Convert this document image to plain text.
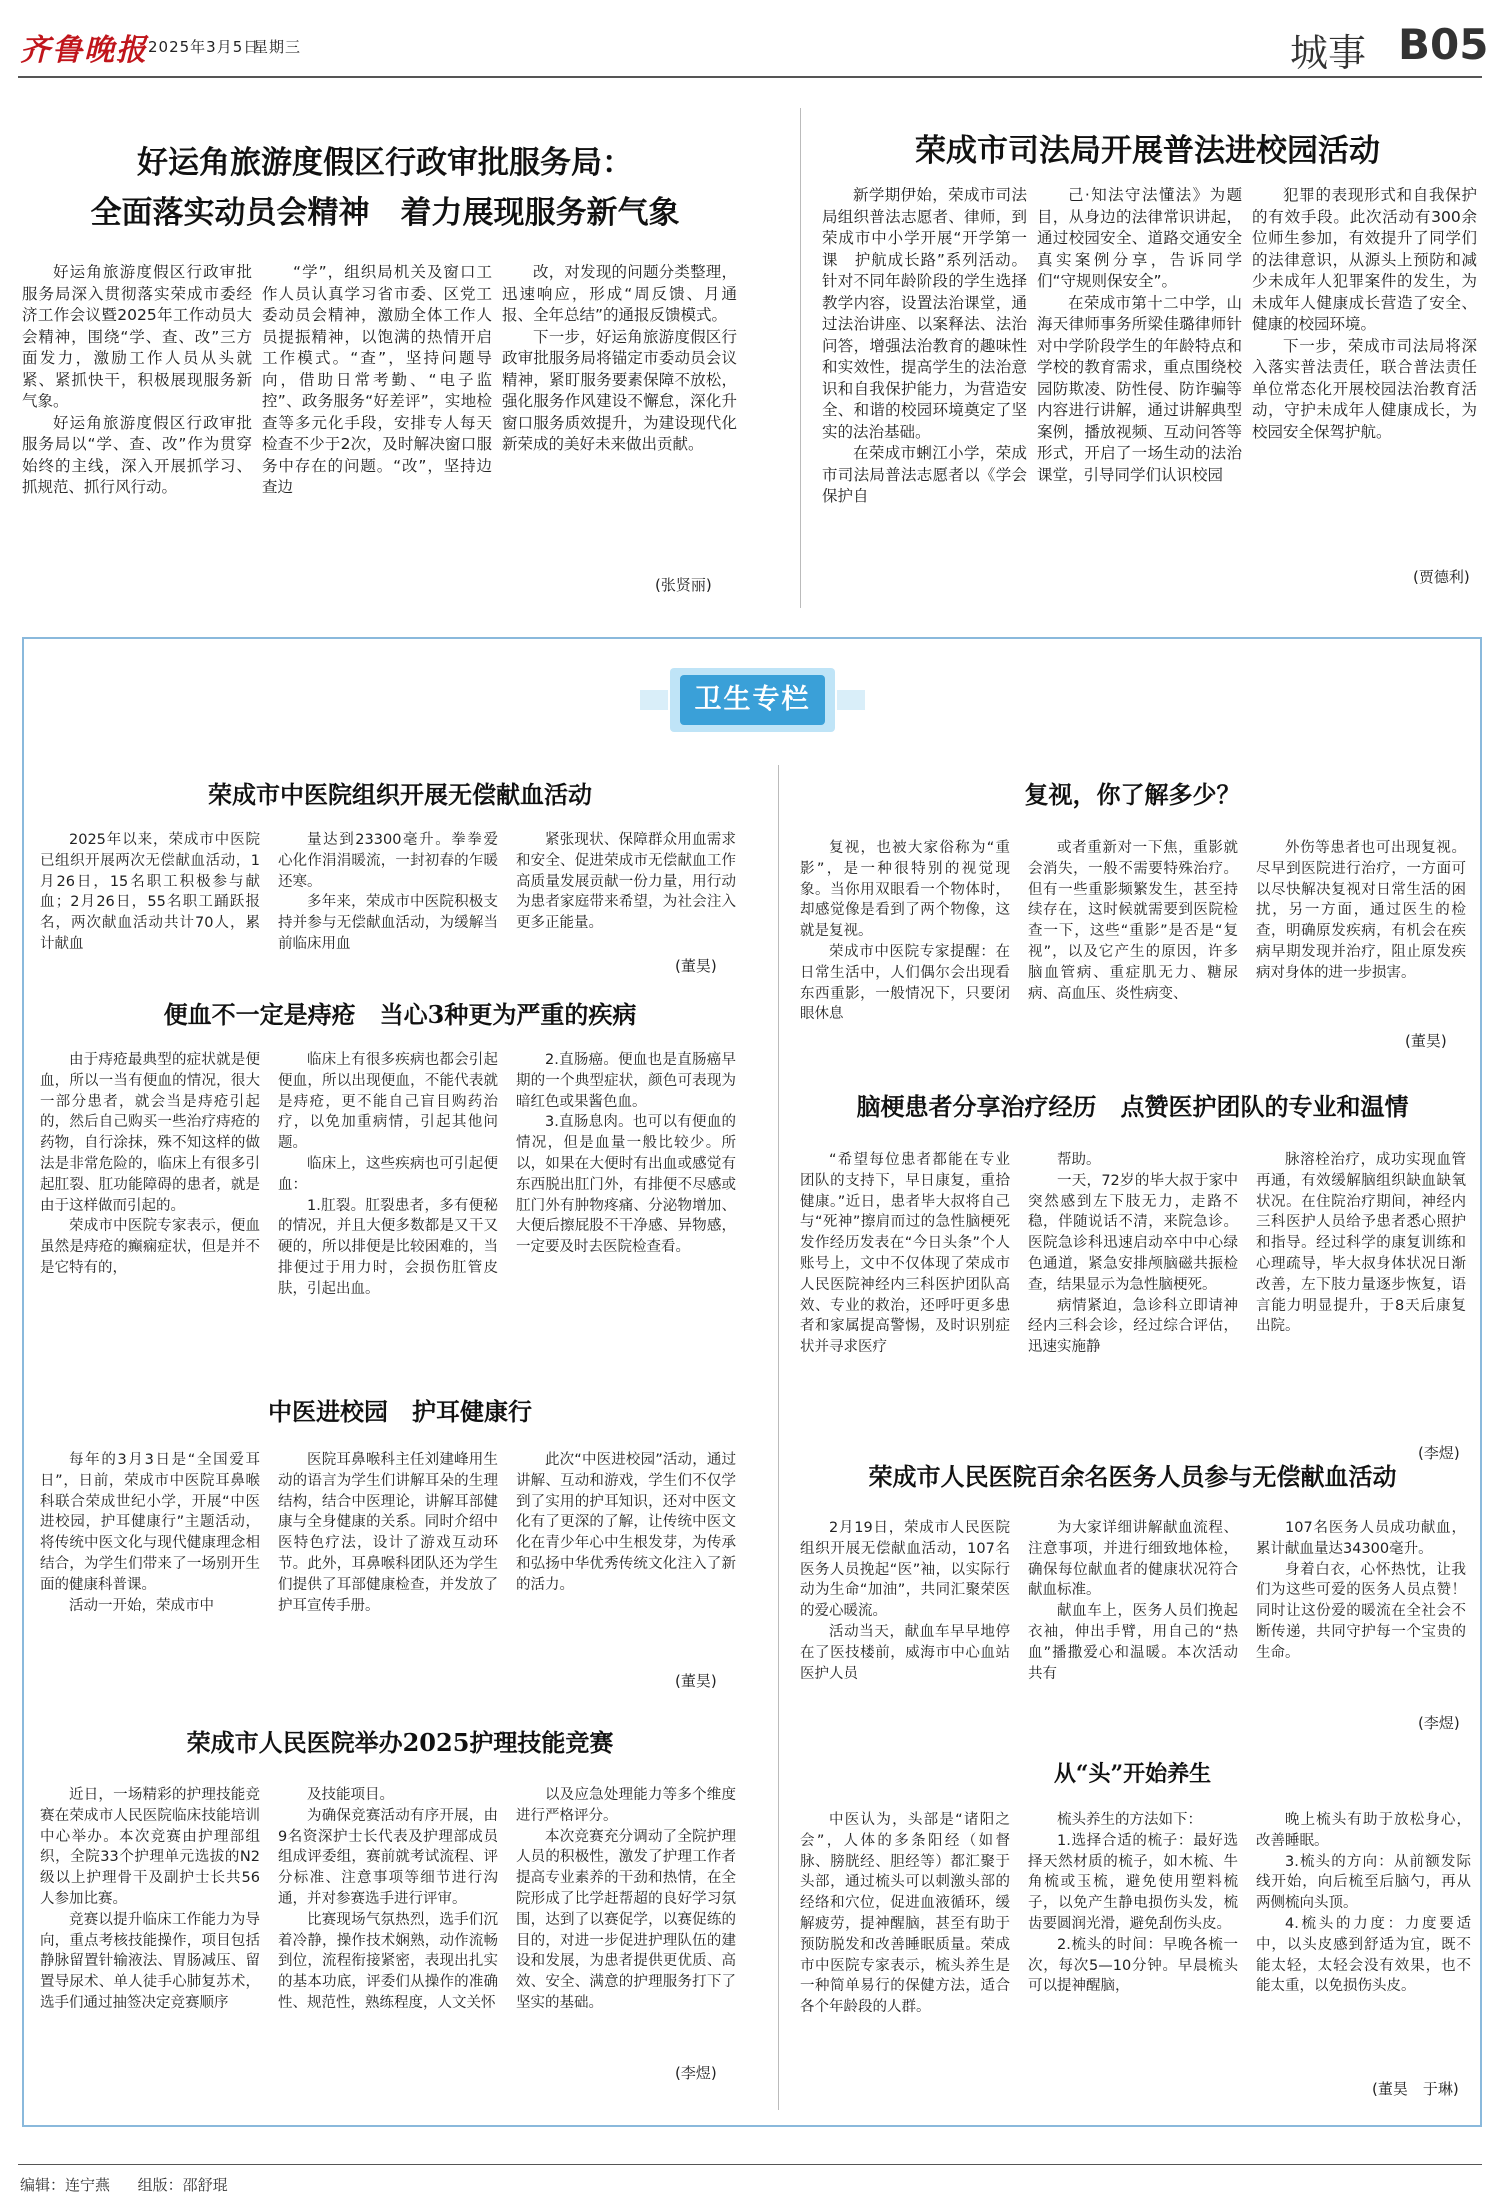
齐鲁晚报 2025年3月5日
星期三	城事 B05
好运角旅游度假区行政审批服务局：
全面落实动员会精神　着力展现服务新气象

好运角旅游度假区行政审批服务局深入贯彻落实荣成市委经济工作会议暨2025年工作动员大会精神，围绕“学、查、改”三方面发力，激励工作人员从头就紧、紧抓快干，积极展现服务新气象。

好运角旅游度假区行政审批服务局以“学、查、改”作为贯穿始终的主线，深入开展抓学习、抓规范、抓行风行动。

“学”，组织局机关及窗口工作人员认真学习省市委、区党工委动员会精神，激励全体工作人员提振精神，以饱满的热情开启工作模式。“查”，坚持问题导向，借助日常考勤、“电子监控”、政务服务“好差评”，实地检查等多元化手段，安排专人每天检查不少于2次，及时解决窗口服务中存在的问题。“改”，坚持边查边

改，对发现的问题分类整理，迅速响应，形成“周反馈、月通报、全年总结”的通报反馈模式。

下一步，好运角旅游度假区行政审批服务局将锚定市委动员会议精神，紧盯服务要素保障不放松，强化服务作风建设不懈怠，深化升窗口服务质效提升，为建设现代化新荣成的美好未来做出贡献。

(张贤丽)
荣成市司法局开展普法进校园活动

新学期伊始，荣成市司法局组织普法志愿者、律师，到荣成市中小学开展“开学第一课　护航成长路”系列活动。针对不同年龄阶段的学生选择教学内容，设置法治课堂，通过法治讲座、以案释法、法治问答，增强法治教育的趣味性和实效性，提高学生的法治意识和自我保护能力，为营造安全、和谐的校园环境奠定了坚实的法治基础。

在荣成市蜊江小学，荣成市司法局普法志愿者以《学会保护自

己·知法守法懂法》为题目，从身边的法律常识讲起，通过校园安全、道路交通安全真实案例分享，告诉同学们“守规则保安全”。

在荣成市第十二中学，山海天律师事务所梁佳璐律师针对中学阶段学生的年龄特点和学校的教育需求，重点围绕校园防欺凌、防性侵、防诈骗等内容进行讲解，通过讲解典型案例，播放视频、互动问答等形式，开启了一场生动的法治课堂，引导同学们认识校园

犯罪的表现形式和自我保护的有效手段。此次活动有300余位师生参加，有效提升了同学们的法律意识，从源头上预防和减少未成年人犯罪案件的发生，为未成年人健康成长营造了安全、健康的校园环境。

下一步，荣成市司法局将深入落实普法责任，联合普法责任单位常态化开展校园法治教育活动，守护未成年人健康成长，为校园安全保驾护航。

(贾德利)
卫生专栏
荣成市中医院组织开展无偿献血活动

2025年以来，荣成市中医院已组织开展两次无偿献血活动，1月26日，15名职工积极参与献血；2月26日，55名职工踊跃报名，两次献血活动共计70人，累计献血

量达到23300毫升。拳拳爱心化作涓涓暖流，一封初春的乍暖还寒。

多年来，荣成市中医院积极支持并参与无偿献血活动，为缓解当前临床用血

紧张现状、保障群众用血需求和安全、促进荣成市无偿献血工作高质量发展贡献一份力量，用行动为患者家庭带来希望，为社会注入更多正能量。

(董昊)
便血不一定是痔疮　当心3种更为严重的疾病

由于痔疮最典型的症状就是便血，所以一当有便血的情况，很大一部分患者，就会当是痔疮引起的，然后自己购买一些治疗痔疮的药物，自行涂抹，殊不知这样的做法是非常危险的，临床上有很多引起肛裂、肛功能障碍的患者，就是由于这样做而引起的。

荣成市中医院专家表示，便血虽然是痔疮的癫痫症状，但是并不是它特有的，

临床上有很多疾病也都会引起便血，所以出现便血，不能代表就是痔疮，更不能自己盲目购药治疗，以免加重病情，引起其他问题。

临床上，这些疾病也可引起便血：

1.肛裂。肛裂患者，多有便秘的情况，并且大便多数都是又干又硬的，所以排便是比较困难的，当排便过于用力时，会损伤肛管皮肤，引起出血。

2.直肠癌。便血也是直肠癌早期的一个典型症状，颜色可表现为暗红色或果酱色血。

3.直肠息肉。也可以有便血的情况，但是血量一般比较少。所以，如果在大便时有出血或感觉有东西脱出肛门外，有排便不尽感或肛门外有肿物疼痛、分泌物增加、大便后擦屁股不干净感、异物感，一定要及时去医院检查看。

中医进校园　护耳健康行

每年的3月3日是“全国爱耳日”，日前，荣成市中医院耳鼻喉科联合荣成世纪小学，开展“中医进校园，护耳健康行”主题活动，将传统中医文化与现代健康理念相结合，为学生们带来了一场别开生面的健康科普课。

活动一开始，荣成市中

医院耳鼻喉科主任刘建峰用生动的语言为学生们讲解耳朵的生理结构，结合中医理论，讲解耳部健康与全身健康的关系。同时介绍中医特色疗法，设计了游戏互动环节。此外，耳鼻喉科团队还为学生们提供了耳部健康检查，并发放了护耳宣传手册。

此次“中医进校园”活动，通过讲解、互动和游戏，学生们不仅学到了实用的护耳知识，还对中医文化有了更深的了解，让传统中医文化在青少年心中生根发芽，为传承和弘扬中华优秀传统文化注入了新的活力。

(董昊)
荣成市人民医院举办2025护理技能竞赛

近日，一场精彩的护理技能竞赛在荣成市人民医院临床技能培训中心举办。本次竞赛由护理部组织，全院33个护理单元选拔的N2级以上护理骨干及副护士长共56人参加比赛。

竞赛以提升临床工作能力为导向，重点考核技能操作，项目包括静脉留置针输液法、胃肠减压、留置导尿术、单人徒手心肺复苏术，选手们通过抽签决定竞赛顺序

及技能项目。

为确保竞赛活动有序开展，由9名资深护士长代表及护理部成员组成评委组，赛前就考试流程、评分标准、注意事项等细节进行沟通，并对参赛选手进行评审。

比赛现场气氛热烈，选手们沉着冷静，操作技术娴熟，动作流畅到位，流程衔接紧密，表现出扎实的基本功底，评委们从操作的准确性、规范性，熟练程度，人文关怀

以及应急处理能力等多个维度进行严格评分。

本次竞赛充分调动了全院护理人员的积极性，激发了护理工作者提高专业素养的干劲和热情，在全院形成了比学赶帮超的良好学习氛围，达到了以赛促学，以赛促练的目的，对进一步促进护理队伍的建设和发展，为患者提供更优质、高效、安全、满意的护理服务打下了坚实的基础。

(李煜)
复视，你了解多少？

复视，也被大家俗称为“重影”，是一种很特别的视觉现象。当你用双眼看一个物体时，却感觉像是看到了两个物像，这就是复视。

荣成市中医院专家提醒：在日常生活中，人们偶尔会出现看东西重影，一般情况下，只要闭眼休息

或者重新对一下焦，重影就会消失，一般不需要特殊治疗。但有一些重影频繁发生，甚至持续存在，这时候就需要到医院检查一下，这些“重影”是否是“复视”，以及它产生的原因，许多脑血管病、重症肌无力、糖尿病、高血压、炎性病变、

外伤等患者也可出现复视。尽早到医院进行治疗，一方面可以尽快解决复视对日常生活的困扰，另一方面，通过医生的检查，明确原发疾病，有机会在疾病早期发现并治疗，阻止原发疾病对身体的进一步损害。

(董昊)
脑梗患者分享治疗经历　点赞医护团队的专业和温情

“希望每位患者都能在专业团队的支持下，早日康复，重拾健康。”近日，患者毕大叔将自己与“死神”擦肩而过的急性脑梗死发作经历发表在“今日头条”个人账号上，文中不仅体现了荣成市人民医院神经内三科医护团队高效、专业的救治，还呼吁更多患者和家属提高警惕，及时识别症状并寻求医疗

帮助。

一天，72岁的毕大叔于家中突然感到左下肢无力，走路不稳，伴随说话不清，来院急诊。医院急诊科迅速启动卒中中心绿色通道，紧急安排颅脑磁共振检查，结果显示为急性脑梗死。

病情紧迫，急诊科立即请神经内三科会诊，经过综合评估，迅速实施静

脉溶栓治疗，成功实现血管再通，有效缓解脑组织缺血缺氧状况。在住院治疗期间，神经内三科医护人员给予患者悉心照护和指导。经过科学的康复训练和心理疏导，毕大叔身体状况日渐改善，左下肢力量逐步恢复，语言能力明显提升，于8天后康复出院。

(李煜)
荣成市人民医院百余名医务人员参与无偿献血活动

2月19日，荣成市人民医院组织开展无偿献血活动，107名医务人员挽起“医”袖，以实际行动为生命“加油”，共同汇聚荣医的爱心暖流。

活动当天，献血车早早地停在了医技楼前，威海市中心血站医护人员

为大家详细讲解献血流程、注意事项，并进行细致地体检，确保每位献血者的健康状况符合献血标准。

献血车上，医务人员们挽起衣袖，伸出手臂，用自己的“热血”播撒爱心和温暖。本次活动共有

107名医务人员成功献血，累计献血量达34300毫升。

身着白衣，心怀热忱，让我们为这些可爱的医务人员点赞！同时让这份爱的暖流在全社会不断传递，共同守护每一个宝贵的生命。

(李煜)
从“头”开始养生

中医认为，头部是“诸阳之会”，人体的多条阳经（如督脉、膀胱经、胆经等）都汇聚于头部，通过梳头可以刺激头部的经络和穴位，促进血液循环，缓解疲劳，提神醒脑，甚至有助于预防脱发和改善睡眠质量。荣成市中医院专家表示，梳头养生是一种简单易行的保健方法，适合各个年龄段的人群。

梳头养生的方法如下：

1.选择合适的梳子：最好选择天然材质的梳子，如木梳、牛角梳或玉梳，避免使用塑料梳子，以免产生静电损伤头发，梳齿要圆润光滑，避免刮伤头皮。

2.梳头的时间：早晚各梳一次，每次5—10分钟。早晨梳头可以提神醒脑，

晚上梳头有助于放松身心，改善睡眠。

3.梳头的方向：从前额发际线开始，向后梳至后脑勺，再从两侧梳向头顶。

4.梳头的力度：力度要适中，以头皮感到舒适为宜，既不能太轻，太轻会没有效果，也不能太重，以免损伤头皮。

(董昊　于琳)
编辑：连宁燕 组版：邵舒琨
